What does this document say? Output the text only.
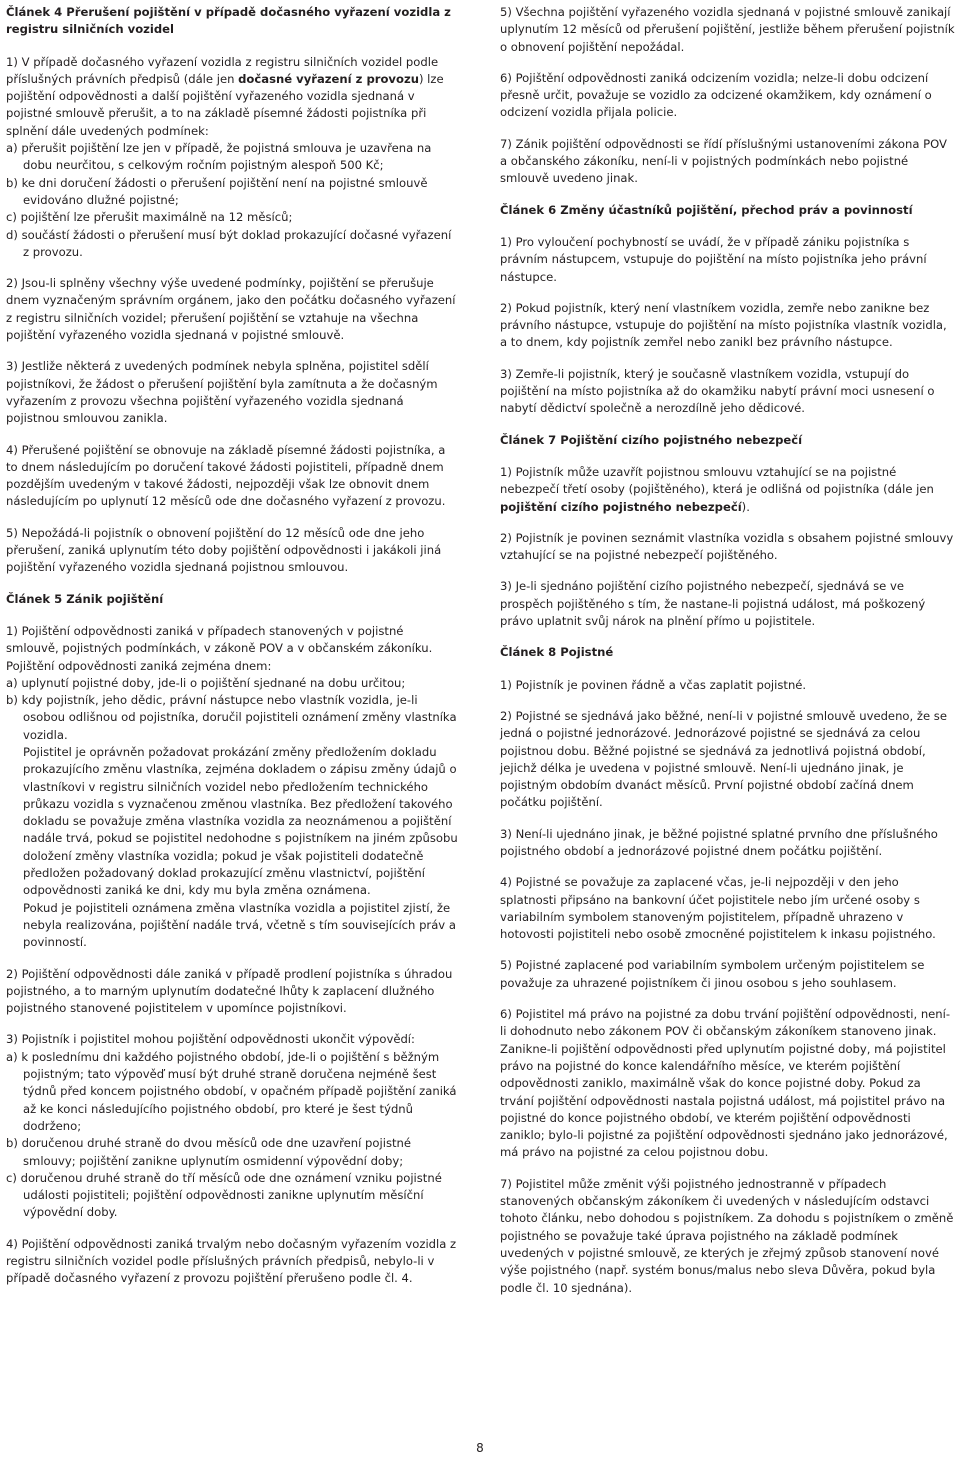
Článek 4 Přerušení pojištění v případě dočasného vyřazení vozidla z registru silničních vozidel

1) V případě dočasného vyřazení vozidla z registru silničních vozidel podle příslušných právních předpisů (dále jen dočasné vyřazení z provozu) lze pojištění odpovědnosti a další pojištění vyřazeného vozidla sjednaná v pojistné smlouvě přerušit, a to na základě písemné žádosti pojistníka při splnění dále uvedených podmínek:

a) přerušit pojištění lze jen v případě, že pojistná smlouva je uzavřena na dobu neurčitou, s celkovým ročním pojistným alespoň 500 Kč;

b) ke dni doručení žádosti o přerušení pojištění není na pojistné smlouvě evidováno dlužné pojistné;

c) pojištění lze přerušit maximálně na 12 měsíců;

d) součástí žádosti o přerušení musí být doklad prokazující dočasné vyřazení z provozu.

2) Jsou-li splněny všechny výše uvedené podmínky, pojištění se přerušuje dnem vyznačeným správním orgánem, jako den počátku dočasného vyřazení z registru silničních vozidel; přerušení pojištění se vztahuje na všechna pojištění vyřazeného vozidla sjednaná v pojistné smlouvě.
3) Jestliže některá z uvedených podmínek nebyla splněna, pojistitel sdělí pojistníkovi, že žádost o přerušení pojištění byla zamítnuta a že dočasným vyřazením z provozu všechna pojištění vyřazeného vozidla sjednaná pojistnou smlouvou zanikla.
4) Přerušené pojištění se obnovuje na základě písemné žádosti pojistníka, a to dnem následujícím po doručení takové žádosti pojistiteli, případně dnem pozdějším uvedeným v takové žádosti, nejpozději však lze obnovit dnem následujícím po uplynutí 12 měsíců ode dne dočasného vyřazení z provozu.
5) Nepožádá-li pojistník o obnovení pojištění do 12 měsíců ode dne jeho přerušení, zaniká uplynutím této doby pojištění odpovědnosti i jakákoli jiná pojištění vyřazeného vozidla sjednaná pojistnou smlouvou.
Článek 5 Zánik pojištění

1) Pojištění odpovědnosti zaniká v případech stanovených v pojistné smlouvě, pojistných podmínkách, v zákoně POV a v občanském zákoníku. Pojištění odpovědnosti zaniká zejména dnem:

a) uplynutí pojistné doby, jde-li o pojištění sjednané na dobu určitou;

b) kdy pojistník, jeho dědic, právní nástupce nebo vlastník vozidla, je-li osobou odlišnou od pojistníka, doručil pojistiteli oznámení změny vlastníka vozidla.

Pojistitel je oprávněn požadovat prokázání změny předložením dokladu prokazujícího změnu vlastníka, zejména dokladem o zápisu změny údajů o vlastníkovi v registru silničních vozidel nebo předložením technického průkazu vozidla s vyznačenou změnou vlastníka. Bez předložení takového dokladu se považuje změna vlastníka vozidla za neoznámenou a pojištění nadále trvá, pokud se pojistitel nedohodne s pojistníkem na jiném způsobu doložení změny vlastníka vozidla; pokud je však pojistiteli dodatečně předložen požadovaný doklad prokazující změnu vlastnictví, pojištění odpovědnosti zaniká ke dni, kdy mu byla změna oznámena.

Pokud je pojistiteli oznámena změna vlastníka vozidla a pojistitel zjistí, že nebyla realizována, pojištění nadále trvá, včetně s tím souvisejících práv a povinností.

2) Pojištění odpovědnosti dále zaniká v případě prodlení pojistníka s úhradou pojistného, a to marným uplynutím dodatečné lhůty k zaplacení dlužného pojistného stanovené pojistitelem v upomínce pojistníkovi.

3) Pojistník i pojistitel mohou pojištění odpovědnosti ukončit výpovědí:

a) k poslednímu dni každého pojistného období, jde-li o pojištění s běžným pojistným; tato výpověď musí být druhé straně doručena nejméně šest týdnů před koncem pojistného období, v opačném případě pojištění zaniká až ke konci následujícího pojistného období, pro které je šest týdnů dodrženo;

b) doručenou druhé straně do dvou měsíců ode dne uzavření pojistné smlouvy; pojištění zanikne uplynutím osmidenní výpovědní doby;

c) doručenou druhé straně do tří měsíců ode dne oznámení vzniku pojistné události pojistiteli; pojištění odpovědnosti zanikne uplynutím měsíční výpovědní doby.

4) Pojištění odpovědnosti zaniká trvalým nebo dočasným vyřazením vozidla z registru silničních vozidel podle příslušných právních předpisů, nebylo-li v případě dočasného vyřazení z provozu pojištění přerušeno podle čl. 4.
5) Všechna pojištění vyřazeného vozidla sjednaná v pojistné smlouvě zanikají uplynutím 12 měsíců od přerušení pojištění, jestliže během přerušení pojistník o obnovení pojištění nepožádal.
6) Pojištění odpovědnosti zaniká odcizením vozidla; nelze-li dobu odcizení přesně určit, považuje se vozidlo za odcizené okamžikem, kdy oznámení o odcizení vozidla přijala policie.
7) Zánik pojištění odpovědnosti se řídí příslušnými ustanoveními zákona POV a občanského zákoníku, není-li v pojistných podmínkách nebo pojistné smlouvě uvedeno jinak.
Článek 6 Změny účastníků pojištění, přechod práv a povinností
1) Pro vyloučení pochybností se uvádí, že v případě zániku pojistníka s právním nástupcem, vstupuje do pojištění na místo pojistníka jeho právní nástupce.
2) Pokud pojistník, který není vlastníkem vozidla, zemře nebo zanikne bez právního nástupce, vstupuje do pojištění na místo pojistníka vlastník vozidla, a to dnem, kdy pojistník zemřel nebo zanikl bez právního nástupce.
3) Zemře-li pojistník, který je současně vlastníkem vozidla, vstupují do pojištění na místo pojistníka až do okamžiku nabytí právní moci usnesení o nabytí dědictví společně a nerozdílně jeho dědicové.
Článek 7 Pojištění cizího pojistného nebezpečí

1) Pojistník může uzavřít pojistnou smlouvu vztahující se na pojistné nebezpečí třetí osoby (pojištěného), která je odlišná od pojistníka (dále jen pojištění cizího pojistného nebezpečí).

2) Pojistník je povinen seznámit vlastníka vozidla s obsahem pojistné smlouvy vztahující se na pojistné nebezpečí pojištěného.
3) Je-li sjednáno pojištění cizího pojistného nebezpečí, sjednává se ve prospěch pojištěného s tím, že nastane-li pojistná událost, má poškozený právo uplatnit svůj nárok na plnění přímo u pojistitele.
Článek 8 Pojistné
1) Pojistník je povinen řádně a včas zaplatit pojistné.
2) Pojistné se sjednává jako běžné, není-li v pojistné smlouvě uvedeno, že se jedná o pojistné jednorázové. Jednorázové pojistné se sjednává za celou pojistnou dobu. Běžné pojistné se sjednává za jednotlivá pojistná období, jejichž délka je uvedena v pojistné smlouvě. Není-li ujednáno jinak, je pojistným obdobím dvanáct měsíců. První pojistné období začíná dnem počátku pojištění.
3) Není-li ujednáno jinak, je běžné pojistné splatné prvního dne příslušného pojistného období a jednorázové pojistné dnem počátku pojištění.
4) Pojistné se považuje za zaplacené včas, je-li nejpozději v den jeho splatnosti připsáno na bankovní účet pojistitele nebo jím určené osoby s variabilním symbolem stanoveným pojistitelem, případně uhrazeno v hotovosti pojistiteli nebo osobě zmocněné pojistitelem k inkasu pojistného.
5) Pojistné zaplacené pod variabilním symbolem určeným pojistitelem se považuje za uhrazené pojistníkem či jinou osobou s jeho souhlasem.
6) Pojistitel má právo na pojistné za dobu trvání pojištění odpovědnosti, není-li dohodnuto nebo zákonem POV či občanským zákoníkem stanoveno jinak. Zanikne-li pojištění odpovědnosti před uplynutím pojistné doby, má pojistitel právo na pojistné do konce kalendářního měsíce, ve kterém pojištění odpovědnosti zaniklo, maximálně však do konce pojistné doby. Pokud za trvání pojištění odpovědnosti nastala pojistná událost, má pojistitel právo na pojistné do konce pojistného období, ve kterém pojištění odpovědnosti zaniklo; bylo-li pojistné za pojištění odpovědnosti sjednáno jako jednorázové, má právo na pojistné za celou pojistnou dobu.
7) Pojistitel může změnit výši pojistného jednostranně v případech stanovených občanským zákoníkem či uvedených v následujícím odstavci tohoto článku, nebo dohodou s pojistníkem. Za dohodu s pojistníkem o změně pojistného se považuje také úprava pojistného na základě podmínek uvedených v pojistné smlouvě, ze kterých je zřejmý způsob stanovení nové výše pojistného (např. systém bonus/malus nebo sleva Důvěra, pokud byla podle čl. 10 sjednána).
8
